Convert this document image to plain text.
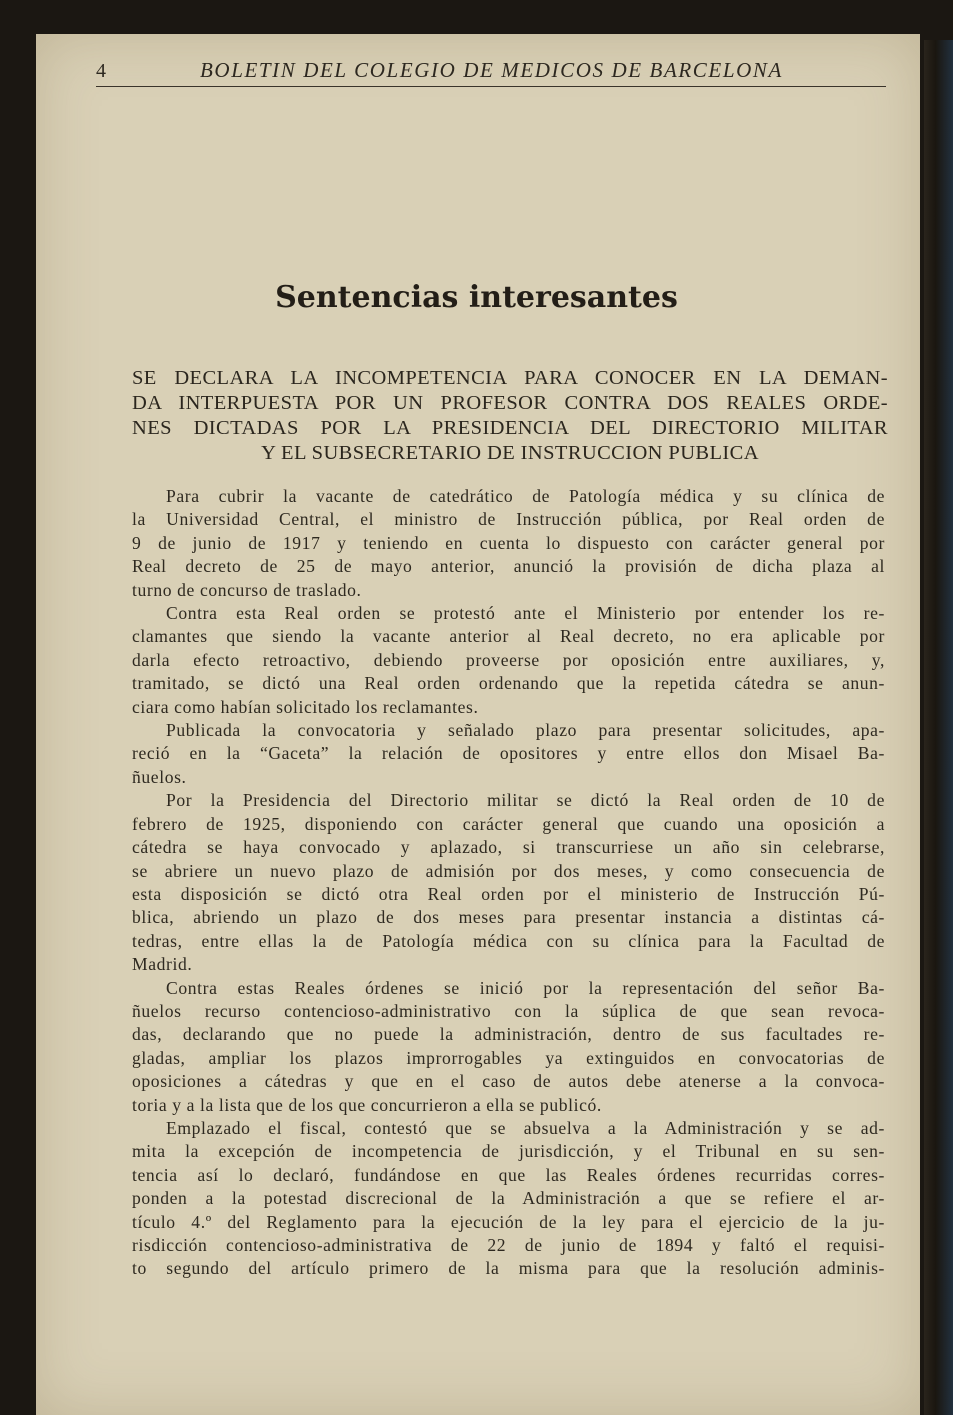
4	BOLETIN DEL COLEGIO DE MEDICOS DE BARCELONA
Sentencias interesantes
SE DECLARA LA INCOMPETENCIA PARA CONOCER EN LA DEMAN-
DA INTERPUESTA POR UN PROFESOR CONTRA DOS REALES ORDE-
NES DICTADAS POR LA PRESIDENCIA DEL DIRECTORIO MILITAR
Y EL SUBSECRETARIO DE INSTRUCCION PUBLICA
Para cubrir la vacante de catedrático de Patología médica y su clínica de
la Universidad Central, el ministro de Instrucción pública, por Real orden de
9 de junio de 1917 y teniendo en cuenta lo dispuesto con carácter general por
Real decreto de 25 de mayo anterior, anunció la provisión de dicha plaza al
turno de concurso de traslado.
Contra esta Real orden se protestó ante el Ministerio por entender los re-
clamantes que siendo la vacante anterior al Real decreto, no era aplicable por
darla efecto retroactivo, debiendo proveerse por oposición entre auxiliares, y,
tramitado, se dictó una Real orden ordenando que la repetida cátedra se anun-
ciara como habían solicitado los reclamantes.
Publicada la convocatoria y señalado plazo para presentar solicitudes, apa-
reció en la “Gaceta” la relación de opositores y entre ellos don Misael Ba-
ñuelos.
Por la Presidencia del Directorio militar se dictó la Real orden de 10 de
febrero de 1925, disponiendo con carácter general que cuando una oposición a
cátedra se haya convocado y aplazado, si transcurriese un año sin celebrarse,
se abriere un nuevo plazo de admisión por dos meses, y como consecuencia de
esta disposición se dictó otra Real orden por el ministerio de Instrucción Pú-
blica, abriendo un plazo de dos meses para presentar instancia a distintas cá-
tedras, entre ellas la de Patología médica con su clínica para la Facultad de
Madrid.
Contra estas Reales órdenes se inició por la representación del señor Ba-
ñuelos recurso contencioso-administrativo con la súplica de que sean revoca-
das, declarando que no puede la administración, dentro de sus facultades re-
gladas, ampliar los plazos improrrogables ya extinguidos en convocatorias de
oposiciones a cátedras y que en el caso de autos debe atenerse a la convoca-
toria y a la lista que de los que concurrieron a ella se publicó.
Emplazado el fiscal, contestó que se absuelva a la Administración y se ad-
mita la excepción de incompetencia de jurisdicción, y el Tribunal en su sen-
tencia así lo declaró, fundándose en que las Reales órdenes recurridas corres-
ponden a la potestad discrecional de la Administración a que se refiere el ar-
tículo 4.º del Reglamento para la ejecución de la ley para el ejercicio de la ju-
risdicción contencioso-administrativa de 22 de junio de 1894 y faltó el requisi-
to segundo del artículo primero de la misma para que la resolución adminis-
